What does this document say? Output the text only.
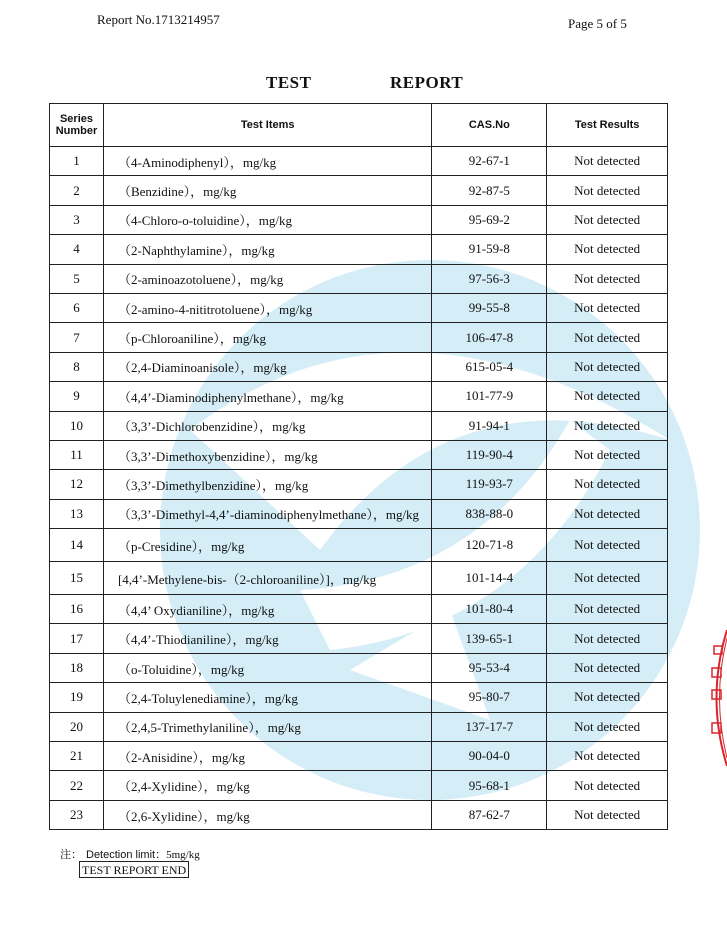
Report No.1713214957	Page 5 of 5
TEST	REPORT
Series Number	Test Items	CAS.No	Test Results
1	（4-Aminodiphenyl），mg/kg	92-67-1	Not detected
2	（Benzidine），mg/kg	92-87-5	Not detected
3	（4-Chloro-o-toluidine），mg/kg	95-69-2	Not detected
4	（2-Naphthylamine），mg/kg	91-59-8	Not detected
5	（2-aminoazotoluene），mg/kg	97-56-3	Not detected
6	（2-amino-4-nititrotoluene），mg/kg	99-55-8	Not detected
7	（p-Chloroaniline），mg/kg	106-47-8	Not detected
8	（2,4-Diaminoanisole），mg/kg	615-05-4	Not detected
9	（4,4’-Diaminodiphenylmethane），mg/kg	101-77-9	Not detected
10	（3,3’-Dichlorobenzidine），mg/kg	91-94-1	Not detected
11	（3,3’-Dimethoxybenzidine），mg/kg	119-90-4	Not detected
12	（3,3’-Dimethylbenzidine），mg/kg	119-93-7	Not detected
13	（3,3’-Dimethyl-4,4’-diaminodiphenylmethane），mg/kg	838-88-0	Not detected
14	（p-Cresidine），mg/kg	120-71-8	Not detected
15	[4,4’-Methylene-bis-（2-chloroaniline）]，mg/kg	101-14-4	Not detected
16	（4,4’ Oxydianiline），mg/kg	101-80-4	Not detected
17	（4,4’-Thiodianiline），mg/kg	139-65-1	Not detected
18	（o-Toluidine），mg/kg	95-53-4	Not detected
19	（2,4-Toluylenediamine），mg/kg	95-80-7	Not detected
20	（2,4,5-Trimethylaniline），mg/kg	137-17-7	Not detected
21	（2-Anisidine），mg/kg	90-04-0	Not detected
22	（2,4-Xylidine），mg/kg	95-68-1	Not detected
23	（2,6-Xylidine），mg/kg	87-62-7	Not detected
注： Detection limit：5mg/kg
TEST REPORT END
